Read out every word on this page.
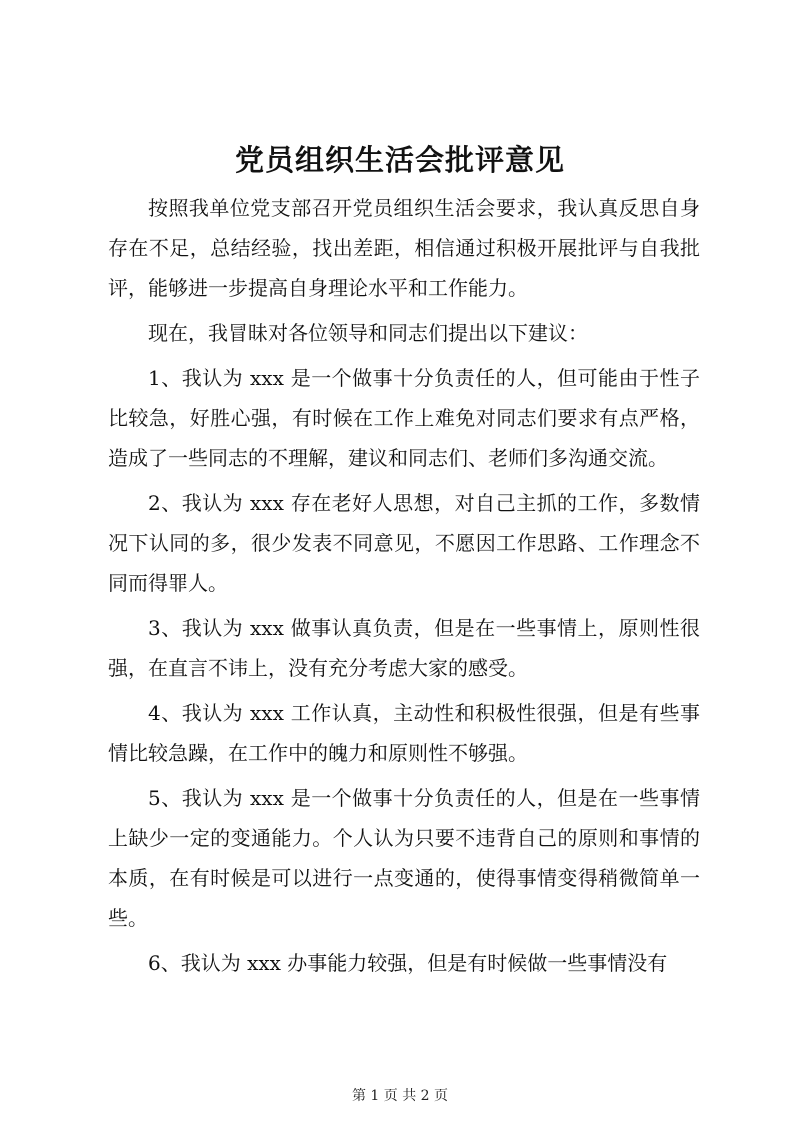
党员组织生活会批评意见

按照我单位党支部召开党员组织生活会要求，我认真反思自身存在不足，总结经验，找出差距，相信通过积极开展批评与自我批评，能够进一步提高自身理论水平和工作能力。

现在，我冒昧对各位领导和同志们提出以下建议：

1、我认为 xxx 是一个做事十分负责任的人，但可能由于性子比较急，好胜心强，有时候在工作上难免对同志们要求有点严格，造成了一些同志的不理解，建议和同志们、老师们多沟通交流。

2、我认为 xxx 存在老好人思想，对自己主抓的工作，多数情况下认同的多，很少发表不同意见，不愿因工作思路、工作理念不同而得罪人。

3、我认为 xxx 做事认真负责，但是在一些事情上，原则性很强，在直言不讳上，没有充分考虑大家的感受。

4、我认为 xxx 工作认真，主动性和积极性很强，但是有些事情比较急躁，在工作中的魄力和原则性不够强。

5、我认为 xxx 是一个做事十分负责任的人，但是在一些事情上缺少一定的变通能力。个人认为只要不违背自己的原则和事情的本质，在有时候是可以进行一点变通的，使得事情变得稍微简单一些。

6、我认为 xxx 办事能力较强，但是有时候做一些事情没有

第 1 页 共 2 页
